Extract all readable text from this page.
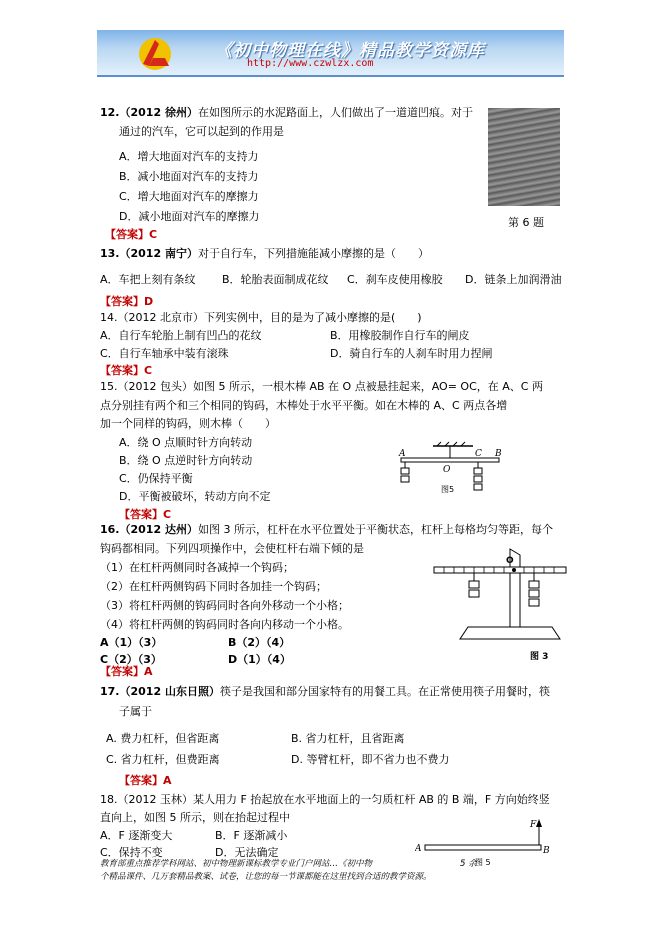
《初中物理在线》精品教学资源库
http://www.czwlzx.com
12.（2012 徐州）在如图所示的水泥路面上，人们做出了一道道凹痕。对于
通过的汽车，它可以起到的作用是
A．增大地面对汽车的支持力
B．减小地面对汽车的支持力
C．增大地面对汽车的摩擦力
D．减小地面对汽车的摩擦力	第 6 题
【答案】C
13.（2012 南宁）对于自行车，下列措施能减小摩擦的是（　　）
A．车把上刻有条纹 B．轮胎表面制成花纹 C．刹车皮使用橡胶 D．链条上加润滑油
【答案】D
14.（2012 北京市）下列实例中，目的是为了减小摩擦的是(　　)
A．自行车轮胎上制有凹凸的花纹	B．用橡胶制作自行车的闸皮
C．自行车轴承中装有滚珠	D．骑自行车的人刹车时用力捏闸
【答案】C
15.（2012 包头）如图 5 所示，一根木棒 AB 在 O 点被悬挂起来，AO= OC，在 A、C 两
点分别挂有两个和三个相同的钩码，木棒处于水平平衡。如在木棒的 A、C 两点各增
加一个同样的钩码，则木棒（　　）
A．绕 O 点顺时针方向转动
B．绕 O 点逆时针方向转动
C．仍保持平衡
D．平衡被破坏，转动方向不定
A
O
C B
图5
【答案】C
16.（2012 达州）如图 3 所示，杠杆在水平位置处于平衡状态，杠杆上每格均匀等距，每个
钩码都相同。下列四项操作中，会使杠杆右端下倾的是
（1）在杠杆两侧同时各减掉一个钩码；
（2）在杠杆两侧钩码下同时各加挂一个钩码；
（3）将杠杆两侧的钩码同时各向外移动一个小格；
（4）将杠杆两侧的钩码同时各向内移动一个小格。
A（1）（3）	B（2）（4）
C（2）（3）	D（1）（4）
O
图 3
【答案】A
17.（2012 山东日照）筷子是我国和部分国家特有的用餐工具。在正常使用筷子用餐时，筷
子属于
A. 费力杠杆，但省距离	B. 省力杠杆，且省距离
C. 省力杠杆，但费距离	D. 等臂杠杆，即不省力也不费力
【答案】A
18.（2012 玉林）某人用力 F 抬起放在水平地面上的一匀质杠杆 AB 的 B 端，F 方向始终竖
直向上，如图 5 所示，则在抬起过程中
A．F 逐渐变大	B．F 逐渐减小
C．保持不变	D．无法确定
F
A	B
图 5
教育部重点推荐学科网站、初中物理新课标教学专业门户网站…《初中物	5 余
个精品课件、几万套精品教案、试卷，让您的每一节课都能在这里找到合适的教学资源。
